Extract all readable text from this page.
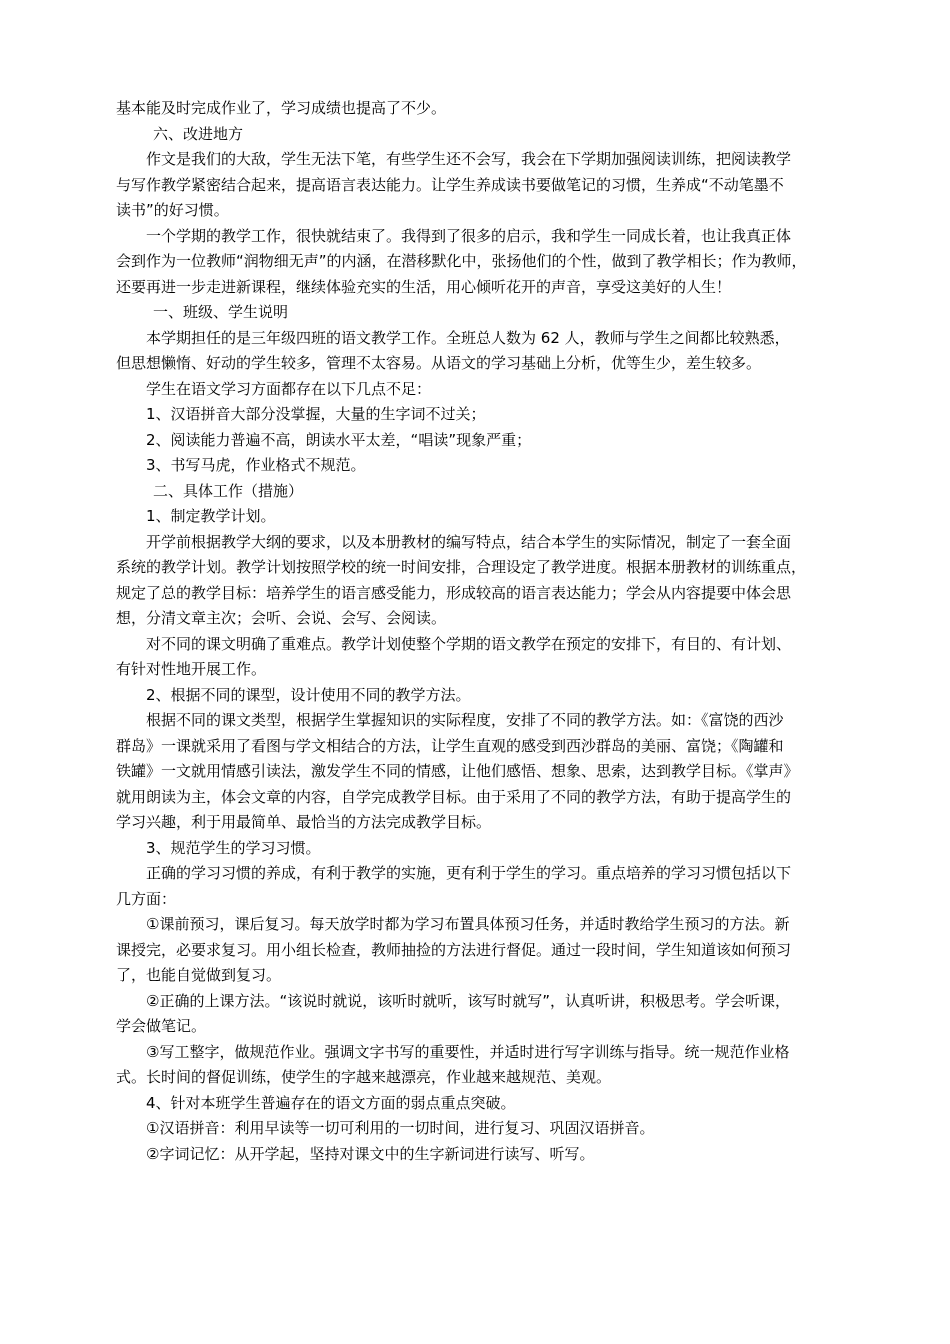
基本能及时完成作业了，学习成绩也提高了不少。
六、改进地方
作文是我们的大敌，学生无法下笔，有些学生还不会写，我会在下学期加强阅读训练，把阅读教学
与写作教学紧密结合起来，提高语言表达能力。让学生养成读书要做笔记的习惯，生养成“不动笔墨不
读书”的好习惯。
一个学期的教学工作，很快就结束了。我得到了很多的启示，我和学生一同成长着，也让我真正体
会到作为一位教师“润物细无声”的内涵，在潜移默化中，张扬他们的个性，做到了教学相长；作为教师，
还要再进一步走进新课程，继续体验充实的生活，用心倾听花开的声音，享受这美好的人生！
一、班级、学生说明
本学期担任的是三年级四班的语文教学工作。全班总人数为 62 人，教师与学生之间都比较熟悉，
但思想懒惰、好动的学生较多，管理不太容易。从语文的学习基础上分析，优等生少，差生较多。
学生在语文学习方面都存在以下几点不足：
1、汉语拼音大部分没掌握，大量的生字词不过关；
2、阅读能力普遍不高，朗读水平太差，“唱读”现象严重；
3、书写马虎，作业格式不规范。
二、具体工作（措施）
1、制定教学计划。
开学前根据教学大纲的要求，以及本册教材的编写特点，结合本学生的实际情况，制定了一套全面
系统的教学计划。教学计划按照学校的统一时间安排，合理设定了教学进度。根据本册教材的训练重点，
规定了总的教学目标：培养学生的语言感受能力，形成较高的语言表达能力；学会从内容提要中体会思
想，分清文章主次；会听、会说、会写、会阅读。
对不同的课文明确了重难点。教学计划使整个学期的语文教学在预定的安排下，有目的、有计划、
有针对性地开展工作。
2、根据不同的课型，设计使用不同的教学方法。
根据不同的课文类型，根据学生掌握知识的实际程度，安排了不同的教学方法。如：《富饶的西沙
群岛》一课就采用了看图与学文相结合的方法，让学生直观的感受到西沙群岛的美丽、富饶；《陶罐和
铁罐》一文就用情感引读法，激发学生不同的情感，让他们感悟、想象、思索，达到教学目标。《掌声》
就用朗读为主，体会文章的内容，自学完成教学目标。由于采用了不同的教学方法，有助于提高学生的
学习兴趣，利于用最简单、最恰当的方法完成教学目标。
3、规范学生的学习习惯。
正确的学习习惯的养成，有利于教学的实施，更有利于学生的学习。重点培养的学习习惯包括以下
几方面：
①课前预习，课后复习。每天放学时都为学习布置具体预习任务，并适时教给学生预习的方法。新
课授完，必要求复习。用小组长检查，教师抽捡的方法进行督促。通过一段时间，学生知道该如何预习
了，也能自觉做到复习。
②正确的上课方法。“该说时就说，该听时就听，该写时就写”，认真听讲，积极思考。学会听课，
学会做笔记。
③写工整字，做规范作业。强调文字书写的重要性，并适时进行写字训练与指导。统一规范作业格
式。长时间的督促训练，使学生的字越来越漂亮，作业越来越规范、美观。
4、针对本班学生普遍存在的语文方面的弱点重点突破。
①汉语拼音：利用早读等一切可利用的一切时间，进行复习、巩固汉语拼音。
②字词记忆：从开学起，坚持对课文中的生字新词进行读写、听写。
